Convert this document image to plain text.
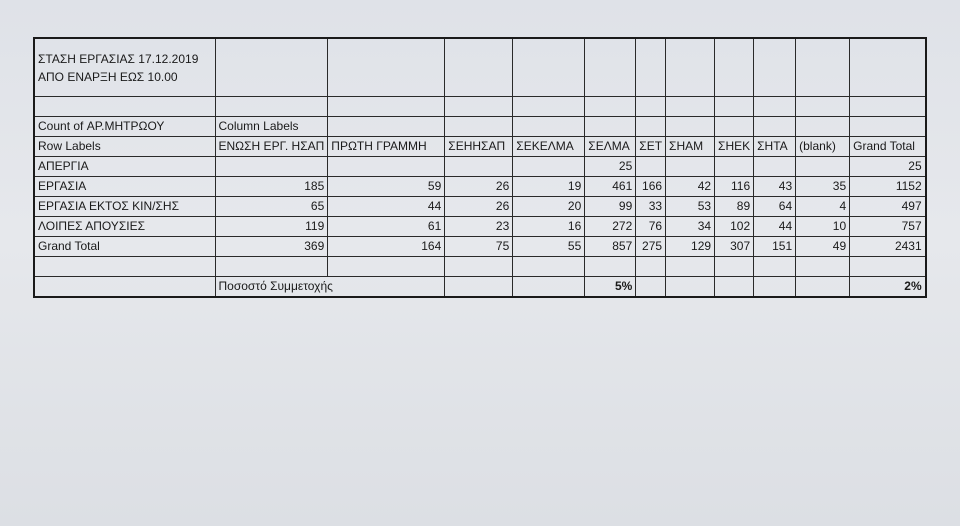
ΣΤΑΣΗ ΕΡΓΑΣΙΑΣ 17.12.2019
ΑΠΟ ΕΝΑΡΞΗ ΕΩΣ 10.00											

Count of ΑΡ.ΜΗΤΡΩΟΥ	Column Labels										
Row Labels	ΕΝΩΣΗ ΕΡΓ. ΗΣΑΠ	ΠΡΩΤΗ ΓΡΑΜΜΗ	ΣΕΗΗΣΑΠ	ΣΕΚΕΛΜΑ	ΣΕΛΜΑ	ΣΕΤ	ΣΗΑΜ	ΣΗΕΚ	ΣΗΤΑ	(blank)	Grand Total
ΑΠΕΡΓΙΑ					25						25
ΕΡΓΑΣΙΑ	185	59	26	19	461	166	42	116	43	35	1152
ΕΡΓΑΣΙΑ ΕΚΤΟΣ ΚΙΝ/ΣΗΣ	65	44	26	20	99	33	53	89	64	4	497
ΛΟΙΠΕΣ ΑΠΟΥΣΙΕΣ	119	61	23	16	272	76	34	102	44	10	757
Grand Total	369	164	75	55	857	275	129	307	151	49	2431

	Ποσοστό Συμμετοχής				5%						2%
